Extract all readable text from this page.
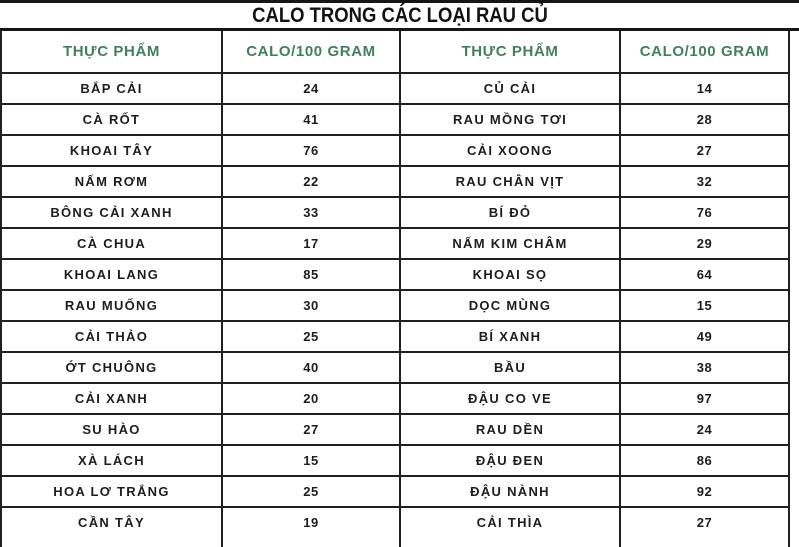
CALO TRONG CÁC LOẠI RAU CỦ
THỰC PHẨM	CALO/100 GRAM	THỰC PHẨM	CALO/100 GRAM
BẮP CẢI	24	CỦ CẢI	14
CÀ RỐT	41	RAU MỒNG TƠI	28
KHOAI TÂY	76	CẢI XOONG	27
NẤM RƠM	22	RAU CHÂN VỊT	32
BÔNG CẢI XANH	33	BÍ ĐỎ	76
CÀ CHUA	17	NẤM KIM CHÂM	29
KHOAI LANG	85	KHOAI SỌ	64
RAU MUỐNG	30	DỌC MÙNG	15
CẢI THẢO	25	BÍ XANH	49
ỚT CHUÔNG	40	BẦU	38
CẢI XANH	20	ĐẬU CO VE	97
SU HÀO	27	RAU DỀN	24
XÀ LÁCH	15	ĐẬU ĐEN	86
HOA LƠ TRẮNG	25	ĐẬU NÀNH	92
CẦN TÂY	19	CẢI THÌA	27
